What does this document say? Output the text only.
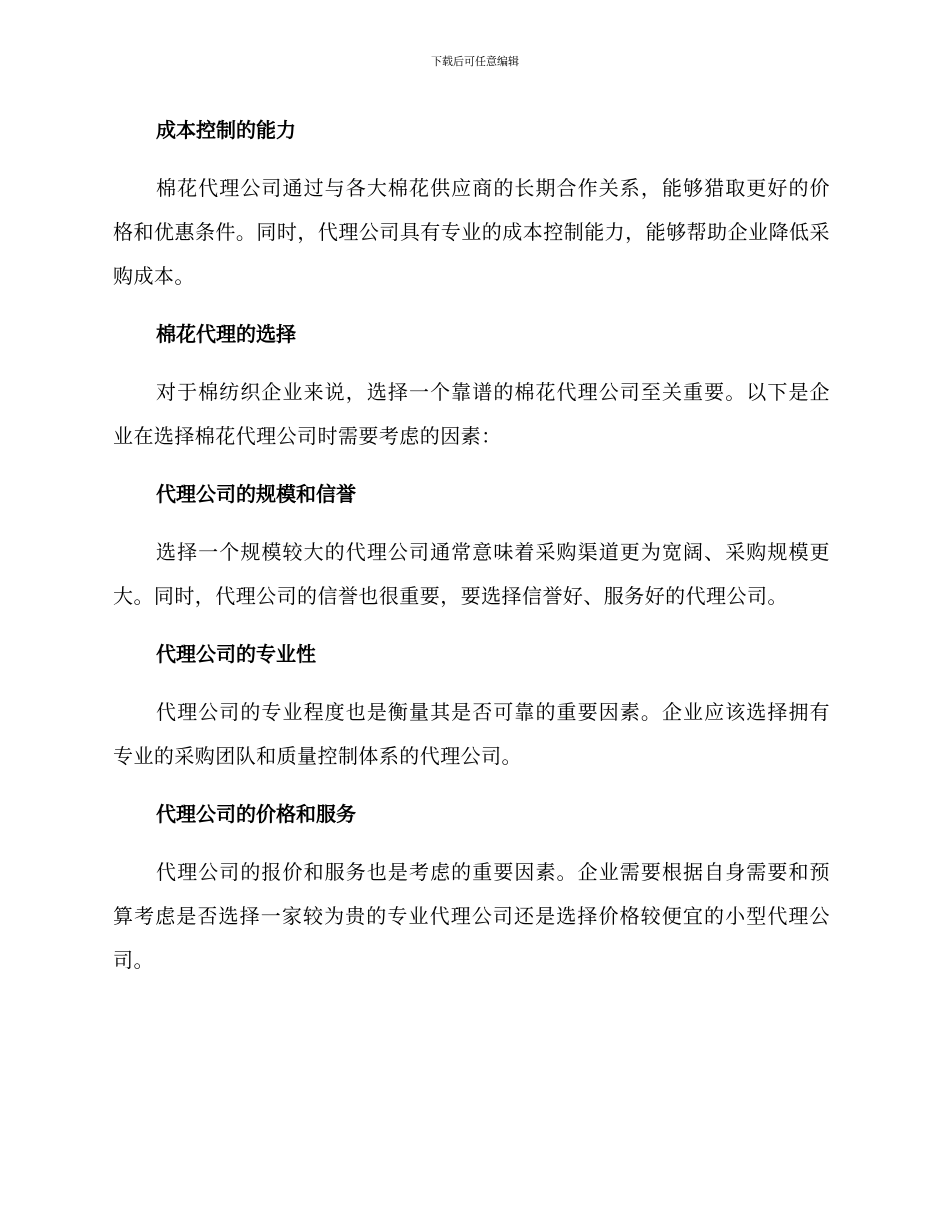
下载后可任意编辑
成本控制的能力

棉花代理公司通过与各大棉花供应商的长期合作关系，能够猎取更好的价格和优惠条件。同时，代理公司具有专业的成本控制能力，能够帮助企业降低采购成本。

棉花代理的选择

对于棉纺织企业来说，选择一个靠谱的棉花代理公司至关重要。以下是企业在选择棉花代理公司时需要考虑的因素：

代理公司的规模和信誉

选择一个规模较大的代理公司通常意味着采购渠道更为宽阔、采购规模更大。同时，代理公司的信誉也很重要，要选择信誉好、服务好的代理公司。

代理公司的专业性

代理公司的专业程度也是衡量其是否可靠的重要因素。企业应该选择拥有专业的采购团队和质量控制体系的代理公司。

代理公司的价格和服务

代理公司的报价和服务也是考虑的重要因素。企业需要根据自身需要和预算考虑是否选择一家较为贵的专业代理公司还是选择价格较便宜的小型代理公司。
